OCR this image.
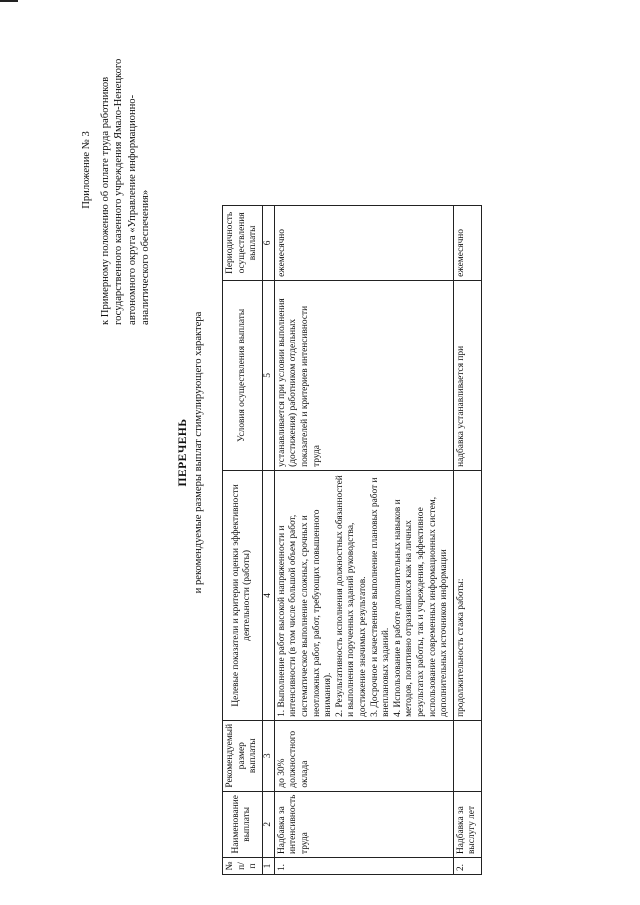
Приложение № 3 к Примерному положению об оплате труда работников государственного казенного учреждения Ямало-Ненецкого автономного округа «Управление информационно- аналитического обеспечения»
ПЕРЕЧЕНЬ и рекомендуемые размеры выплат стимулирующего характера
№ п/п	Наименование выплаты	Рекомендуемый размер выплаты	Целевые показатели и критерии оценки эффективности деятельности (работы)	Условия осуществления выплаты	Периодичность осуществления выплаты
1	2	3	4	5	6
1.	Надбавка за интенсивность труда	до 30% должностного оклада	1. Выполнение работ высокой напряженности и интенсивности (в том числе большой объем работ, систематическое выполнение сложных, срочных и неотложных работ, работ, требующих повышенного внимания).
2. Результативность исполнения должностных обязанностей и выполнения порученных заданий руководства, достижение значимых результатов.
3. Досрочное и качественное выполнение плановых работ и внеплановых заданий.
4. Использование в работе дополнительных навыков и методов, позитивно отразившихся как на личных результатах работы, так и учреждения, эффективное использование современных информационных систем, дополнительных источников информации	устанавливается при условии выполнения (достижения) работником отдельных показателей и критериев интенсивности труда	ежемесячно
2.	Надбавка за выслугу лет		продолжительность стажа работы:	надбавка устанавливается при	ежемесячно
